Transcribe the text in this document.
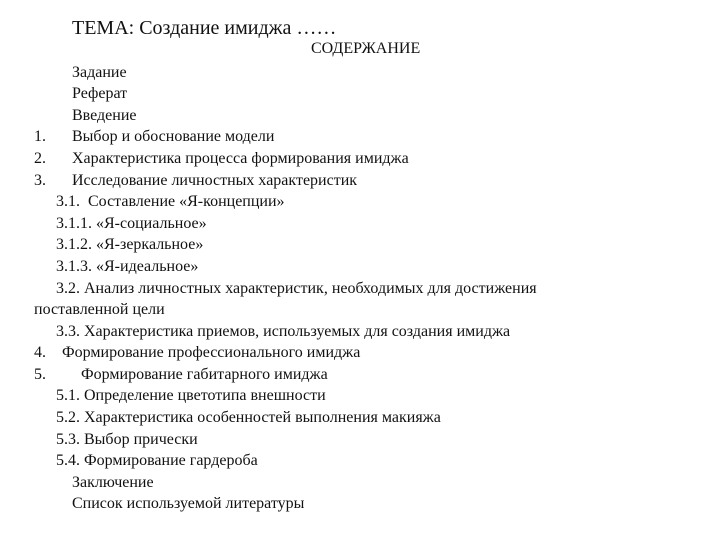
ТЕМА: Создание имиджа ……
СОДЕРЖАНИЕ
Задание
Реферат
Введение
1. Выбор и обоснование модели
2. Характеристика процесса формирования имиджа
3. Исследование личностных характеристик
3.1.  Составление «Я-концепции»
3.1.1. «Я-социальное»
3.1.2. «Я-зеркальное»
3.1.3. «Я-идеальное»
3.2. Анализ личностных характеристик, необходимых для достижения
поставленной цели
3.3. Характеристика приемов, используемых для создания имиджа
4. Формирование профессионального имиджа
5. Формирование габитарного имиджа
5.1. Определение цветотипа внешности
5.2. Характеристика особенностей выполнения макияжа
5.3. Выбор прически
5.4. Формирование гардероба
Заключение
Список используемой литературы
